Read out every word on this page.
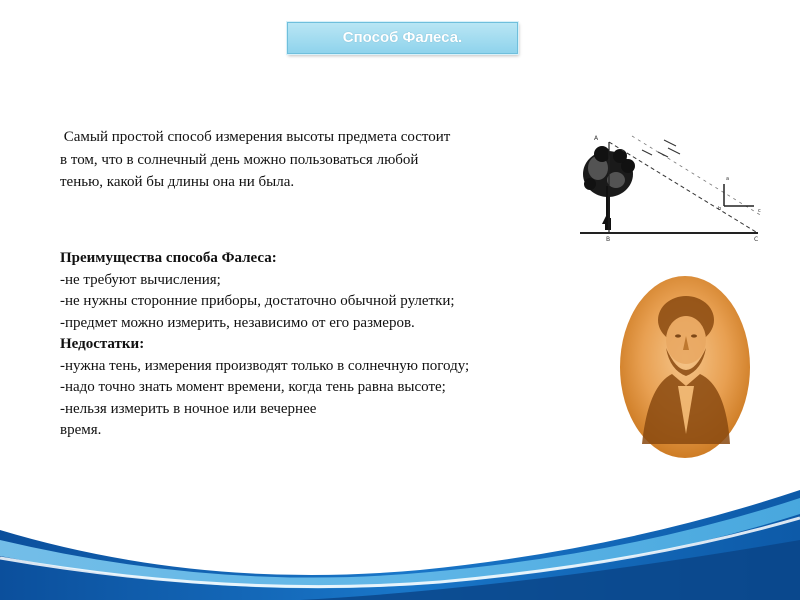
Способ Фалеса.

Самый простой способ измерения высоты предмета состоит
в том, что в солнечный день можно пользоваться любой
тенью, какой бы длины она ни была.

Преимущества способа Фалеса:
-не требуют вычисления;
-не нужны сторонние приборы, достаточно обычной рулетки;
-предмет можно измерить, независимо от его размеров.
Недостатки:
-нужна тень, измерения производят только в солнечную погоду;
-надо точно знать момент времени, когда тень равна высоте;
-нельзя измерить в ночное или вечернее
время.
A
B	C
c
b
a
